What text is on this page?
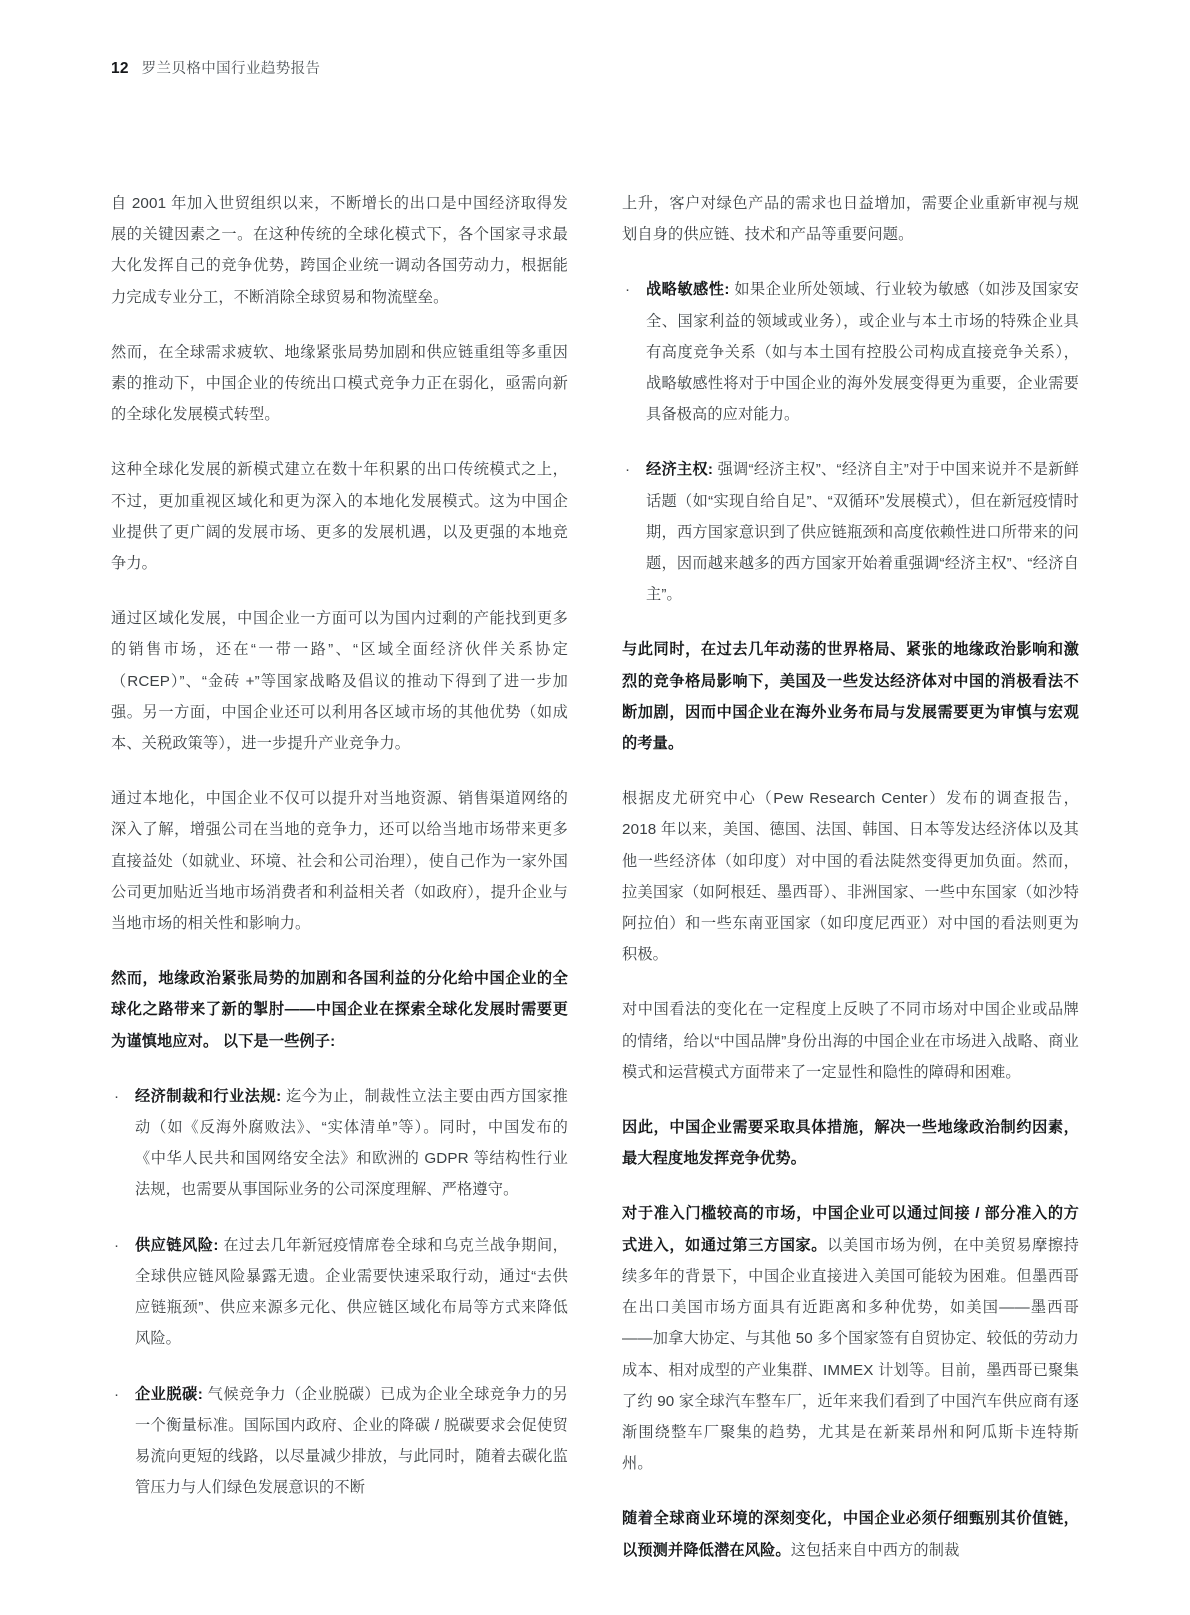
12 罗兰贝格中国行业趋势报告

自 2001 年加入世贸组织以来，不断增长的出口是中国经济取得发展的关键因素之一。在这种传统的全球化模式下，各个国家寻求最大化发挥自己的竞争优势，跨国企业统一调动各国劳动力，根据能力完成专业分工，不断消除全球贸易和物流壁垒。

然而，在全球需求疲软、地缘紧张局势加剧和供应链重组等多重因素的推动下，中国企业的传统出口模式竞争力正在弱化，亟需向新的全球化发展模式转型。

这种全球化发展的新模式建立在数十年积累的出口传统模式之上，不过，更加重视区域化和更为深入的本地化发展模式。这为中国企业提供了更广阔的发展市场、更多的发展机遇，以及更强的本地竞争力。

通过区域化发展，中国企业一方面可以为国内过剩的产能找到更多的销售市场，还在“一带一路”、“区域全面经济伙伴关系协定（RCEP）”、“金砖 +”等国家战略及倡议的推动下得到了进一步加强。另一方面，中国企业还可以利用各区域市场的其他优势（如成本、关税政策等），进一步提升产业竞争力。

通过本地化，中国企业不仅可以提升对当地资源、销售渠道网络的深入了解，增强公司在当地的竞争力，还可以给当地市场带来更多直接益处（如就业、环境、社会和公司治理），使自己作为一家外国公司更加贴近当地市场消费者和利益相关者（如政府），提升企业与当地市场的相关性和影响力。

然而，地缘政治紧张局势的加剧和各国利益的分化给中国企业的全球化之路带来了新的掣肘——中国企业在探索全球化发展时需要更为谨慎地应对。 以下是一些例子:

· 经济制裁和行业法规: 迄今为止，制裁性立法主要由西方国家推动（如《反海外腐败法》、“实体清单”等）。同时，中国发布的《中华人民共和国网络安全法》和欧洲的 GDPR 等结构性行业法规，也需要从事国际业务的公司深度理解、严格遵守。
· 供应链风险: 在过去几年新冠疫情席卷全球和乌克兰战争期间，全球供应链风险暴露无遗。企业需要快速采取行动，通过“去供应链瓶颈”、供应来源多元化、供应链区域化布局等方式来降低风险。
· 企业脱碳: 气候竞争力（企业脱碳）已成为企业全球竞争力的另一个衡量标准。国际国内政府、企业的降碳 / 脱碳要求会促使贸易流向更短的线路，以尽量减少排放，与此同时，随着去碳化监管压力与人们绿色发展意识的不断

上升，客户对绿色产品的需求也日益增加，需要企业重新审视与规划自身的供应链、技术和产品等重要问题。

· 战略敏感性: 如果企业所处领域、行业较为敏感（如涉及国家安全、国家利益的领域或业务），或企业与本土市场的特殊企业具有高度竞争关系（如与本土国有控股公司构成直接竞争关系），战略敏感性将对于中国企业的海外发展变得更为重要，企业需要具备极高的应对能力。
· 经济主权: 强调“经济主权”、“经济自主”对于中国来说并不是新鲜话题（如“实现自给自足”、“双循环”发展模式），但在新冠疫情时期，西方国家意识到了供应链瓶颈和高度依赖性进口所带来的问题，因而越来越多的西方国家开始着重强调“经济主权”、“经济自主”。

与此同时，在过去几年动荡的世界格局、紧张的地缘政治影响和激烈的竞争格局影响下，美国及一些发达经济体对中国的消极看法不断加剧，因而中国企业在海外业务布局与发展需要更为审慎与宏观的考量。

根据皮尤研究中心（Pew Research Center）发布的调查报告，2018 年以来，美国、德国、法国、韩国、日本等发达经济体以及其他一些经济体（如印度）对中国的看法陡然变得更加负面。然而，拉美国家（如阿根廷、墨西哥）、非洲国家、一些中东国家（如沙特阿拉伯）和一些东南亚国家（如印度尼西亚）对中国的看法则更为积极。

对中国看法的变化在一定程度上反映了不同市场对中国企业或品牌的情绪，给以“中国品牌”身份出海的中国企业在市场进入战略、商业模式和运营模式方面带来了一定显性和隐性的障碍和困难。

因此，中国企业需要采取具体措施，解决一些地缘政治制约因素，最大程度地发挥竞争优势。

对于准入门槛较高的市场，中国企业可以通过间接 / 部分准入的方式进入，如通过第三方国家。以美国市场为例，在中美贸易摩擦持续多年的背景下，中国企业直接进入美国可能较为困难。但墨西哥在出口美国市场方面具有近距离和多种优势，如美国——墨西哥——加拿大协定、与其他 50 多个国家签有自贸协定、较低的劳动力成本、相对成型的产业集群、IMMEX 计划等。目前，墨西哥已聚集了约 90 家全球汽车整车厂，近年来我们看到了中国汽车供应商有逐渐围绕整车厂聚集的趋势，尤其是在新莱昂州和阿瓜斯卡连特斯州。

随着全球商业环境的深刻变化，中国企业必须仔细甄别其价值链，以预测并降低潜在风险。这包括来自中西方的制裁
